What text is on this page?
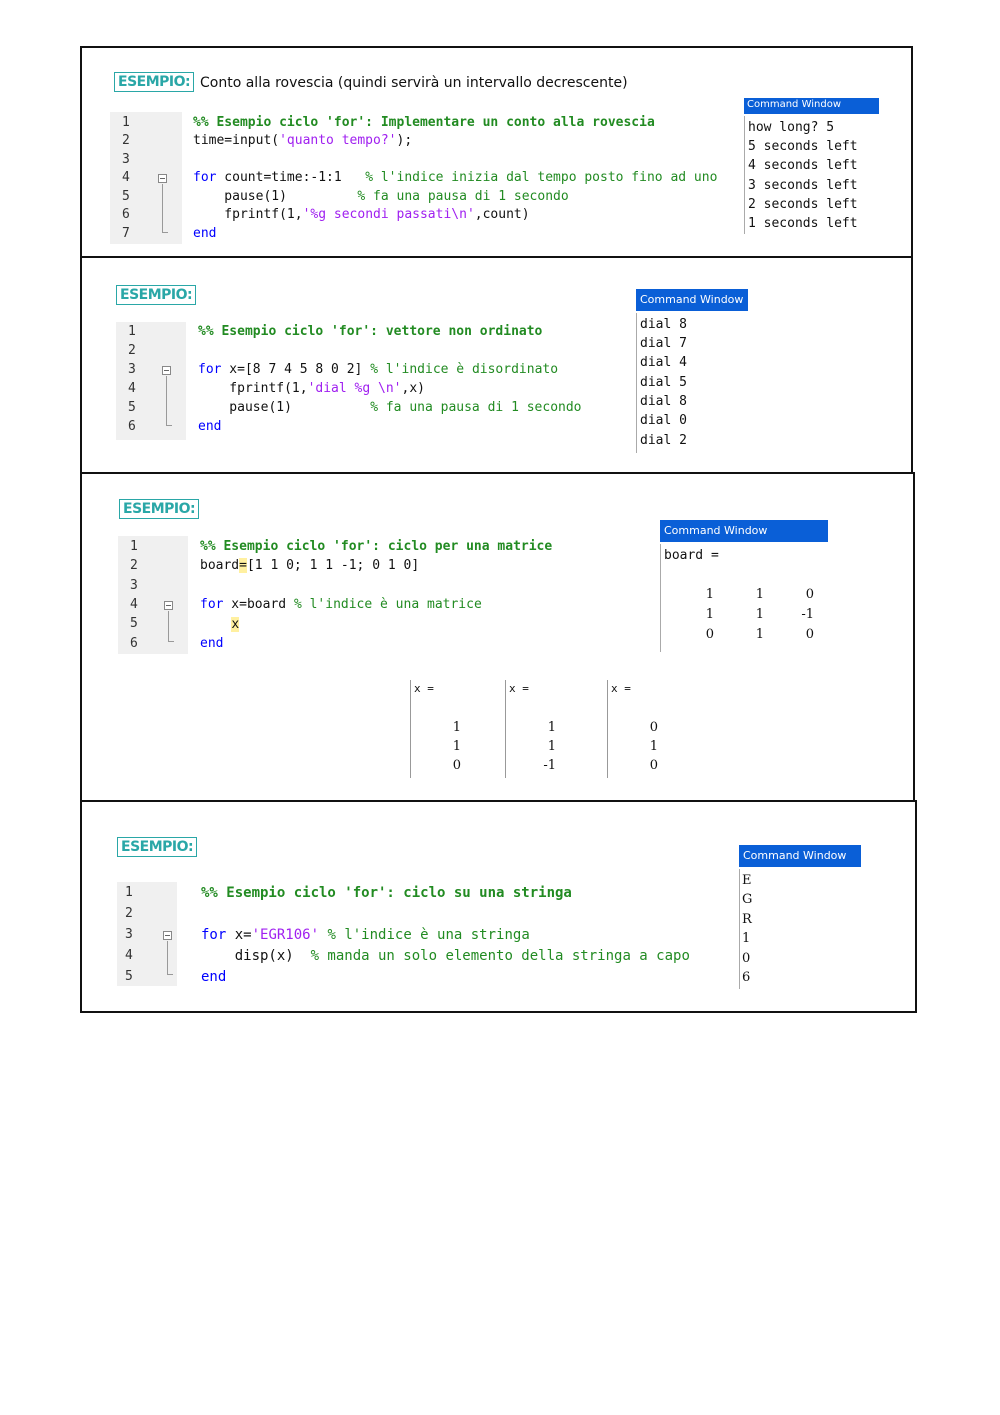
ESEMPIO: Conto alla rovescia (quindi servirà un intervallo decrescente)
1
2
3
4
5
6
7
%% Esempio ciclo 'for': Implementare un conto alla rovescia
time=input('quanto tempo?');
for count=time:-1:1   % l'indice inizia dal tempo posto fino ad uno
pause(1)         % fa una pausa di 1 secondo
fprintf(1,'%g secondi passati\n',count)
end
Command Window
how long? 5
5 seconds left
4 seconds left
3 seconds left
2 seconds left
1 seconds left
ESEMPIO:
1
2
3
4
5
6
%% Esempio ciclo 'for': vettore non ordinato
for x=[8 7 4 5 8 0 2] % l'indice è disordinato
fprintf(1,'dial %g \n',x)
pause(1)          % fa una pausa di 1 secondo
end
Command Window
dial 8
dial 7
dial 4
dial 5
dial 8
dial 0
dial 2
ESEMPIO:
1
2
3
4
5
6
%% Esempio ciclo 'for': ciclo per una matrice
board=[1 1 0; 1 1 -1; 0 1 0]
for x=board % l'indice è una matrice
x
end
Command Window
board =
1	1	0
1	1	-1
0	1	0
x =
1
1
0
x =
1
1
-1
x =
0
1
0
ESEMPIO:
1
2
3
4
5
%% Esempio ciclo 'for': ciclo su una stringa
for x='EGR106' % l'indice è una stringa
disp(x)  % manda un solo elemento della stringa a capo
end
Command Window
E
G
R
1
0
6
